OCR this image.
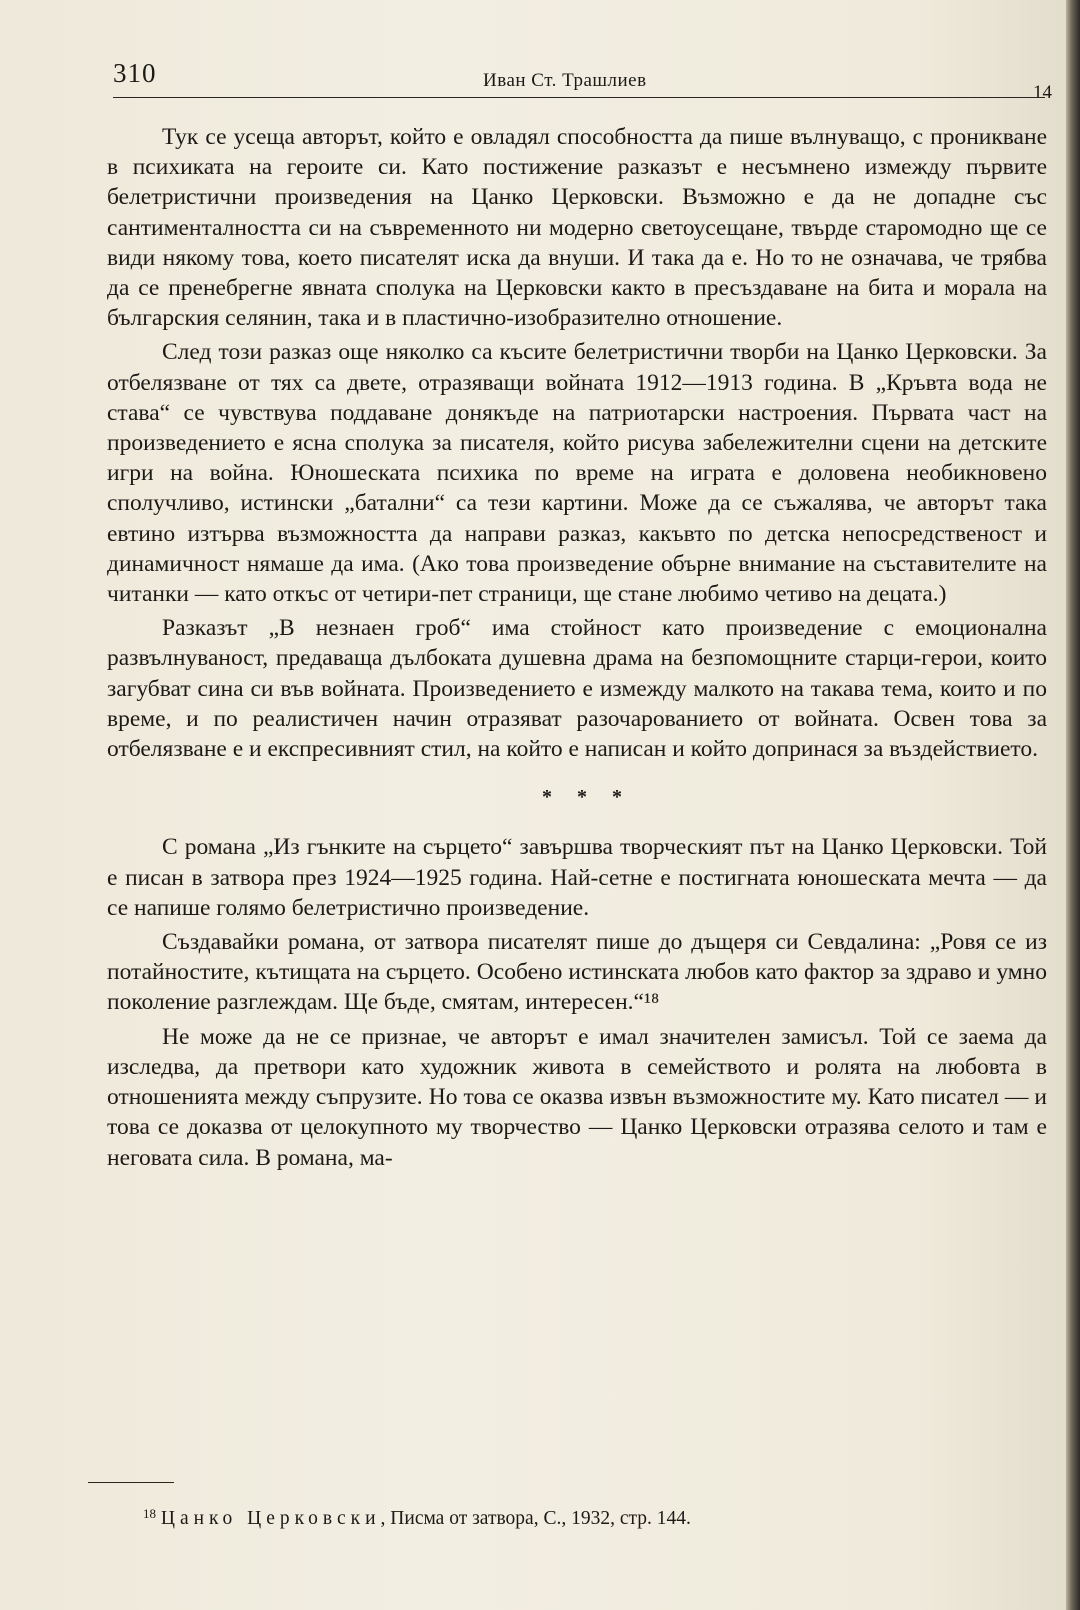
310	Иван Ст. Трашлиев
14

Тук се усеща авторът, който е овладял способността да пише вълнуващо, с проникване в психиката на героите си. Като постижение разказът е несъмнено измежду първите белетристични произведения на Цанко Церковски. Възможно е да не допадне със сантименталността си на съвременното ни модерно светоусещане, твърде старомодно ще се види някому това, което писателят иска да внуши. И така да е. Но то не означава, че трябва да се пренебрегне явната сполука на Церковски както в пресъздаване на бита и морала на българския селянин, така и в пластично-изобразително отношение.

След този разказ още няколко са късите белетристични творби на Цанко Церковски. За отбелязване от тях са двете, отразяващи войната 1912—1913 година. В „Кръвта вода не става“ се чувствува поддаване донякъде на патриотарски настроения. Първата част на произведението е ясна сполука за писателя, който рисува забележителни сцени на детските игри на война. Юношеската психика по време на играта е доловена необикновено сполучливо, истински „батални“ са тези картини. Може да се съжалява, че авторът така евтино изтърва възможността да направи разказ, какъвто по детска непосредственост и динамичност нямаше да има. (Ако това произведение обърне внимание на съставителите на читанки — като откъс от четири-пет страници, ще стане любимо четиво на децата.)

Разказът „В незнаен гроб“ има стойност като произведение с емоционална развълнуваност, предаваща дълбоката душевна драма на безпомощните старци-герои, които загубват сина си във войната. Произведението е измежду малкото на такава тема, които и по време, и по реалистичен начин отразяват разочарованието от войната. Освен това за отбелязване е и експресивният стил, на който е написан и който допринася за въздействието.

* * *

С романа „Из гънките на сърцето“ завършва творческият път на Цанко Церковски. Той е писан в затвора през 1924—1925 година. Най-сетне е постигната юношеската мечта — да се напише голямо белетристично произведение.

Създавайки романа, от затвора писателят пише до дъщеря си Севдалина: „Ровя се из потайностите, кътищата на сърцето. Особено истинската любов като фактор за здраво и умно поколение разглеждам. Ще бъде, смятам, интересен.“¹⁸

Не може да не се признае, че авторът е имал значителен замисъл. Той се заема да изследва, да претвори като художник живота в семейството и ролята на любовта в отношенията между съпрузите. Но това се оказва извън възможностите му. Като писател — и това се доказва от целокупното му творчество — Цанко Церковски отразява селото и там е неговата сила. В романа, ма-

$^{18}$ Цанко Церковски, Писма от затвора, С., 1932, стр. 144.
